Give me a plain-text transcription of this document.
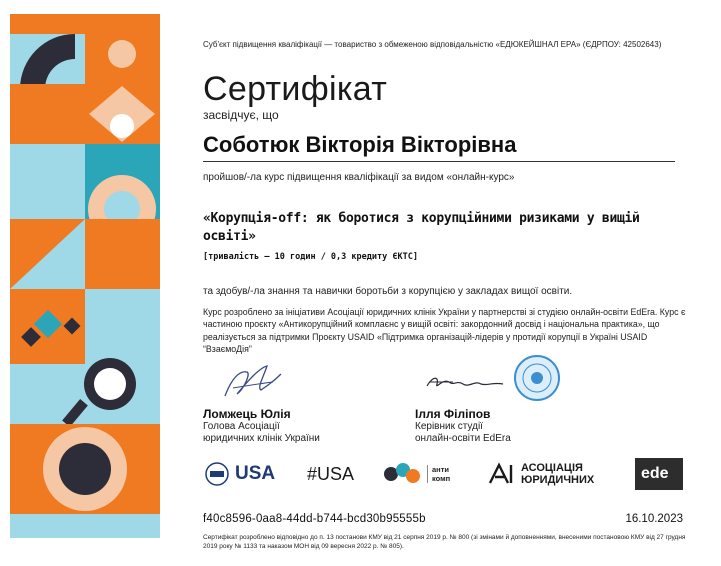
Суб'єкт підвищення кваліфікації — товариство з обмеженою відповідальністю «ЕДЮКЕЙШНАЛ ЕРА» (ЄДРПОУ: 42502643)
Сертифікат
засвідчує, що
Соботюк Вікторія Вікторівна
пройшов/-ла курс підвищення кваліфікації за видом «онлайн-курс»
«Корупція-off: як боротися з корупційними ризиками у вищій освіті»
[тривалість — 10 годин / 0,3 кредиту ЄКТС]
та здобув/-ла знання та навички боротьби з корупцією у закладах вищої освіти.
Курс розроблено за ініціативи Асоціації юридичних клінік України у партнерстві зі студією онлайн-освіти EdEra. Курс є частиною проєкту «Антикорупційний комплаєнс у вищій освіті: закордонний досвід і національна практика», що реалізується за підтримки Проєкту USAID «Підтримка організацій-лідерів у протидії корупції в Україні USAID “ВзаємоДія”
Ломжець Юлія
Голова Асоціації
юридичних клінік України
Ілля Філіпов
Керівник студії
онлайн-освіти EdEra
USA #USA	анти
комп
АСОЦІАЦІЯ
ЮРИДИЧНИХ	ede
f40c8596-0aa8-44dd-b744-bcd30b95555b	16.10.2023
Сертифікат розроблено відповідно до п. 13 постанови КМУ від 21 серпня 2019 р. № 800 (зі змінами й доповненнями, внесеними постановою КМУ від 27 грудня 2019 року № 1133 та наказом МОН від 09 вересня 2022 р. № 805).
